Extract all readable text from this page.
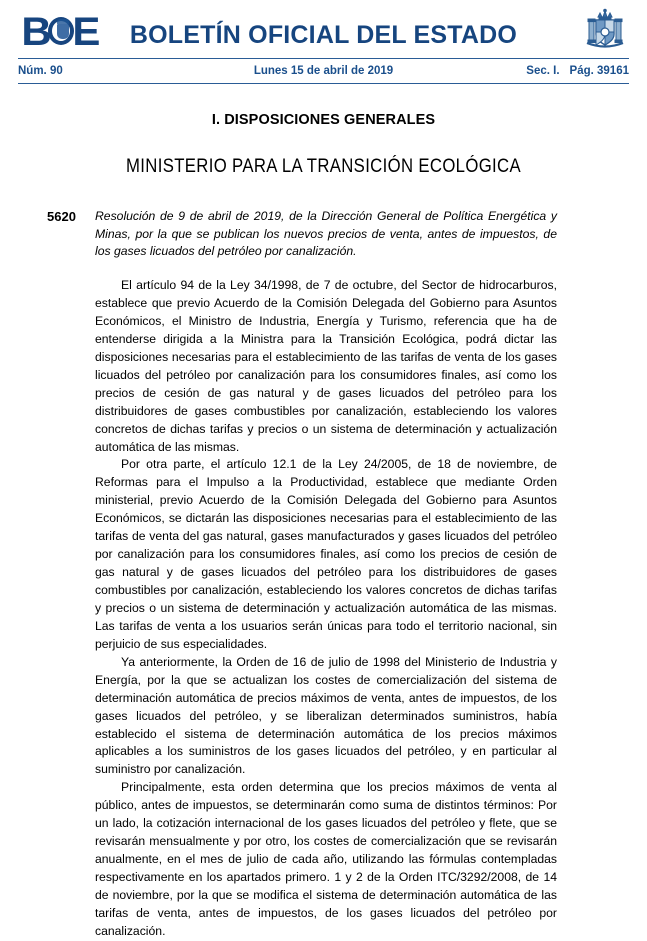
B E	BOLETÍN OFICIAL DEL ESTADO
Núm. 90	Lunes 15 de abril de 2019	Sec. I. Pág. 39161

I. DISPOSICIONES GENERALES
MINISTERIO PARA LA TRANSICIÓN ECOLÓGICA
5620	Resolución de 9 de abril de 2019, de la Dirección General de Política Energética y Minas, por la que se publican los nuevos precios de venta, antes de impuestos, de los gases licuados del petróleo por canalización.

El artículo 94 de la Ley 34/1998, de 7 de octubre, del Sector de hidrocarburos, establece que previo Acuerdo de la Comisión Delegada del Gobierno para Asuntos Económicos, el Ministro de Industria, Energía y Turismo, referencia que ha de entenderse dirigida a la Ministra para la Transición Ecológica, podrá dictar las disposiciones necesarias para el establecimiento de las tarifas de venta de los gases licuados del petróleo por canalización para los consumidores finales, así como los precios de cesión de gas natural y de gases licuados del petróleo para los distribuidores de gases combustibles por canalización, estableciendo los valores concretos de dichas tarifas y precios o un sistema de determinación y actualización automática de las mismas.

Por otra parte, el artículo 12.1 de la Ley 24/2005, de 18 de noviembre, de Reformas para el Impulso a la Productividad, establece que mediante Orden ministerial, previo Acuerdo de la Comisión Delegada del Gobierno para Asuntos Económicos, se dictarán las disposiciones necesarias para el establecimiento de las tarifas de venta del gas natural, gases manufacturados y gases licuados del petróleo por canalización para los consumidores finales, así como los precios de cesión de gas natural y de gases licuados del petróleo para los distribuidores de gases combustibles por canalización, estableciendo los valores concretos de dichas tarifas y precios o un sistema de determinación y actualización automática de las mismas. Las tarifas de venta a los usuarios serán únicas para todo el territorio nacional, sin perjuicio de sus especialidades.

Ya anteriormente, la Orden de 16 de julio de 1998 del Ministerio de Industria y Energía, por la que se actualizan los costes de comercialización del sistema de determinación automática de precios máximos de venta, antes de impuestos, de los gases licuados del petróleo, y se liberalizan determinados suministros, había establecido el sistema de determinación automática de los precios máximos aplicables a los suministros de los gases licuados del petróleo, y en particular al suministro por canalización.

Principalmente, esta orden determina que los precios máximos de venta al público, antes de impuestos, se determinarán como suma de distintos términos: Por un lado, la cotización internacional de los gases licuados del petróleo y flete, que se revisarán mensualmente y por otro, los costes de comercialización que se revisarán anualmente, en el mes de julio de cada año, utilizando las fórmulas contempladas respectivamente en los apartados primero. 1 y 2 de la Orden ITC/3292/2008, de 14 de noviembre, por la que se modifica el sistema de determinación automática de las tarifas de venta, antes de impuestos, de los gases licuados del petróleo por canalización.
